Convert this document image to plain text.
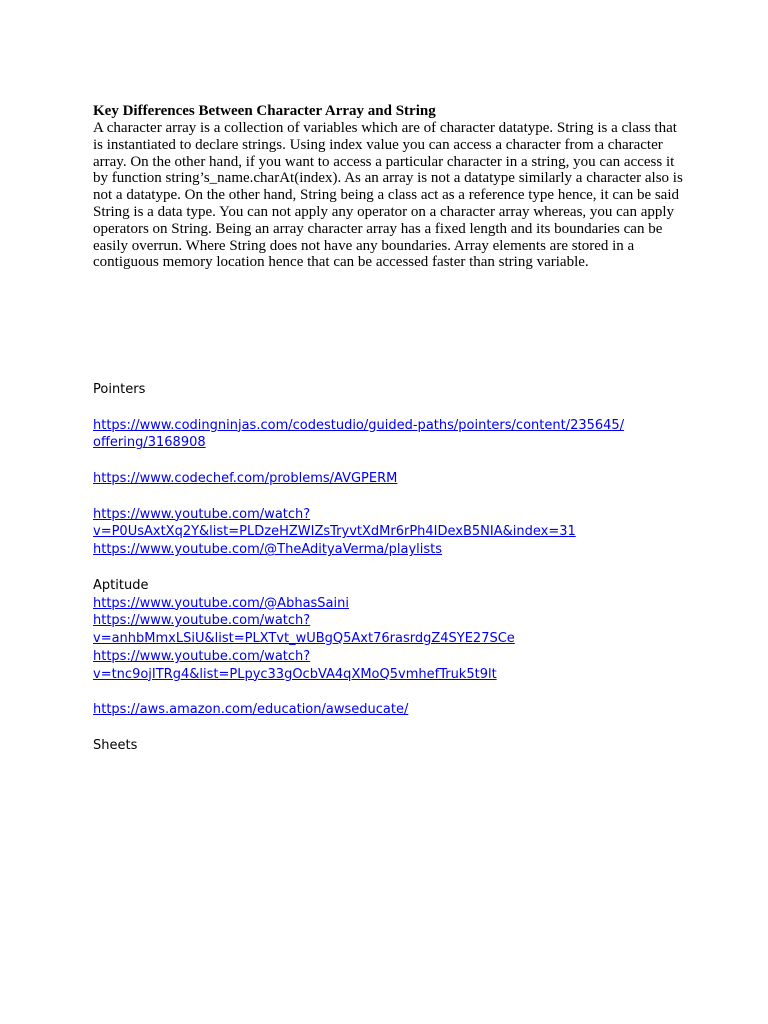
Key Differences Between Character Array and String

A character array is a collection of variables which are of character datatype. String is a class that is instantiated to declare strings. Using index value you can access a character from a character array. On the other hand, if you want to access a particular character in a string, you can access it by function string’s_name.charAt(index). As an array is not a datatype similarly a character also is not a datatype. On the other hand, String being a class act as a reference type hence, it can be said String is a data type. You can not apply any operator on a character array whereas, you can apply operators on String. Being an array character array has a fixed length and its boundaries can be easily overrun. Where String does not have any boundaries. Array elements are stored in a contiguous memory location hence that can be accessed faster than string variable.

Pointers

https://www.codingninjas.com/codestudio/guided-paths/pointers/content/235645/
offering/3168908
https://www.codechef.com/problems/AVGPERM
https://www.youtube.com/watch?
v=P0UsAxtXq2Y&list=PLDzeHZWIZsTryvtXdMr6rPh4IDexB5NIA&index=31
https://www.youtube.com/@TheAdityaVerma/playlists

Aptitude

https://www.youtube.com/@AbhasSaini
https://www.youtube.com/watch?
v=anhbMmxLSiU&list=PLXTvt_wUBgQ5Axt76rasrdgZ4SYE27SCe
https://www.youtube.com/watch?
v=tnc9ojITRg4&list=PLpyc33gOcbVA4qXMoQ5vmhefTruk5t9lt
https://aws.amazon.com/education/awseducate/

Sheets
